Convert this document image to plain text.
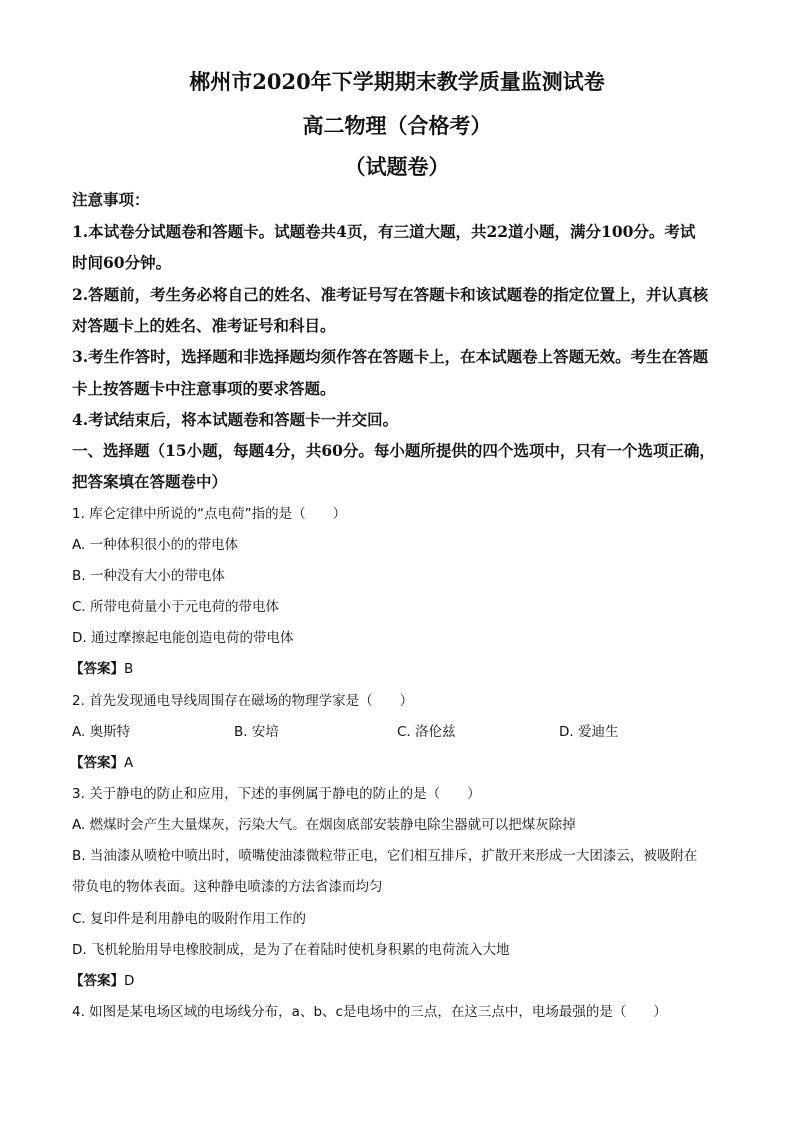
郴州市2020年下学期期末教学质量监测试卷
高二物理（合格考）
（试题卷）
注意事项：
1.本试卷分试题卷和答题卡。试题卷共4页，有三道大题，共22道小题，满分100分。考试
时间60分钟。
2.答题前，考生务必将自己的姓名、准考证号写在答题卡和该试题卷的指定位置上，并认真核
对答题卡上的姓名、准考证号和科目。
3.考生作答时，选择题和非选择题均须作答在答题卡上，在本试题卷上答题无效。考生在答题
卡上按答题卡中注意事项的要求答题。
4.考试结束后，将本试题卷和答题卡一并交回。
一、选择题（15小题，每题4分，共60分。每小题所提供的四个选项中，只有一个选项正确，
把答案填在答题卷中）
1. 库仑定律中所说的“点电荷”指的是（　　）
A. 一种体积很小的的带电体
B. 一种没有大小的带电体
C. 所带电荷量小于元电荷的带电体
D. 通过摩擦起电能创造电荷的带电体
【答案】B
2. 首先发现通电导线周围存在磁场的物理学家是（　　）
A. 奥斯特	B. 安培	C. 洛伦兹	D. 爱迪生
【答案】A
3. 关于静电的防止和应用，下述的事例属于静电的防止的是（　　）
A. 燃煤时会产生大量煤灰，污染大气。在烟囱底部安装静电除尘器就可以把煤灰除掉
B. 当油漆从喷枪中喷出时，喷嘴使油漆微粒带正电，它们相互排斥，扩散开来形成一大团漆云，被吸附在
带负电的物体表面。这种静电喷漆的方法省漆而均匀
C. 复印件是利用静电的吸附作用工作的
D. 飞机轮胎用导电橡胶制成，是为了在着陆时使机身积累的电荷流入大地
【答案】D
4. 如图是某电场区域的电场线分布，a、b、c是电场中的三点，在这三点中，电场最强的是（　　）
